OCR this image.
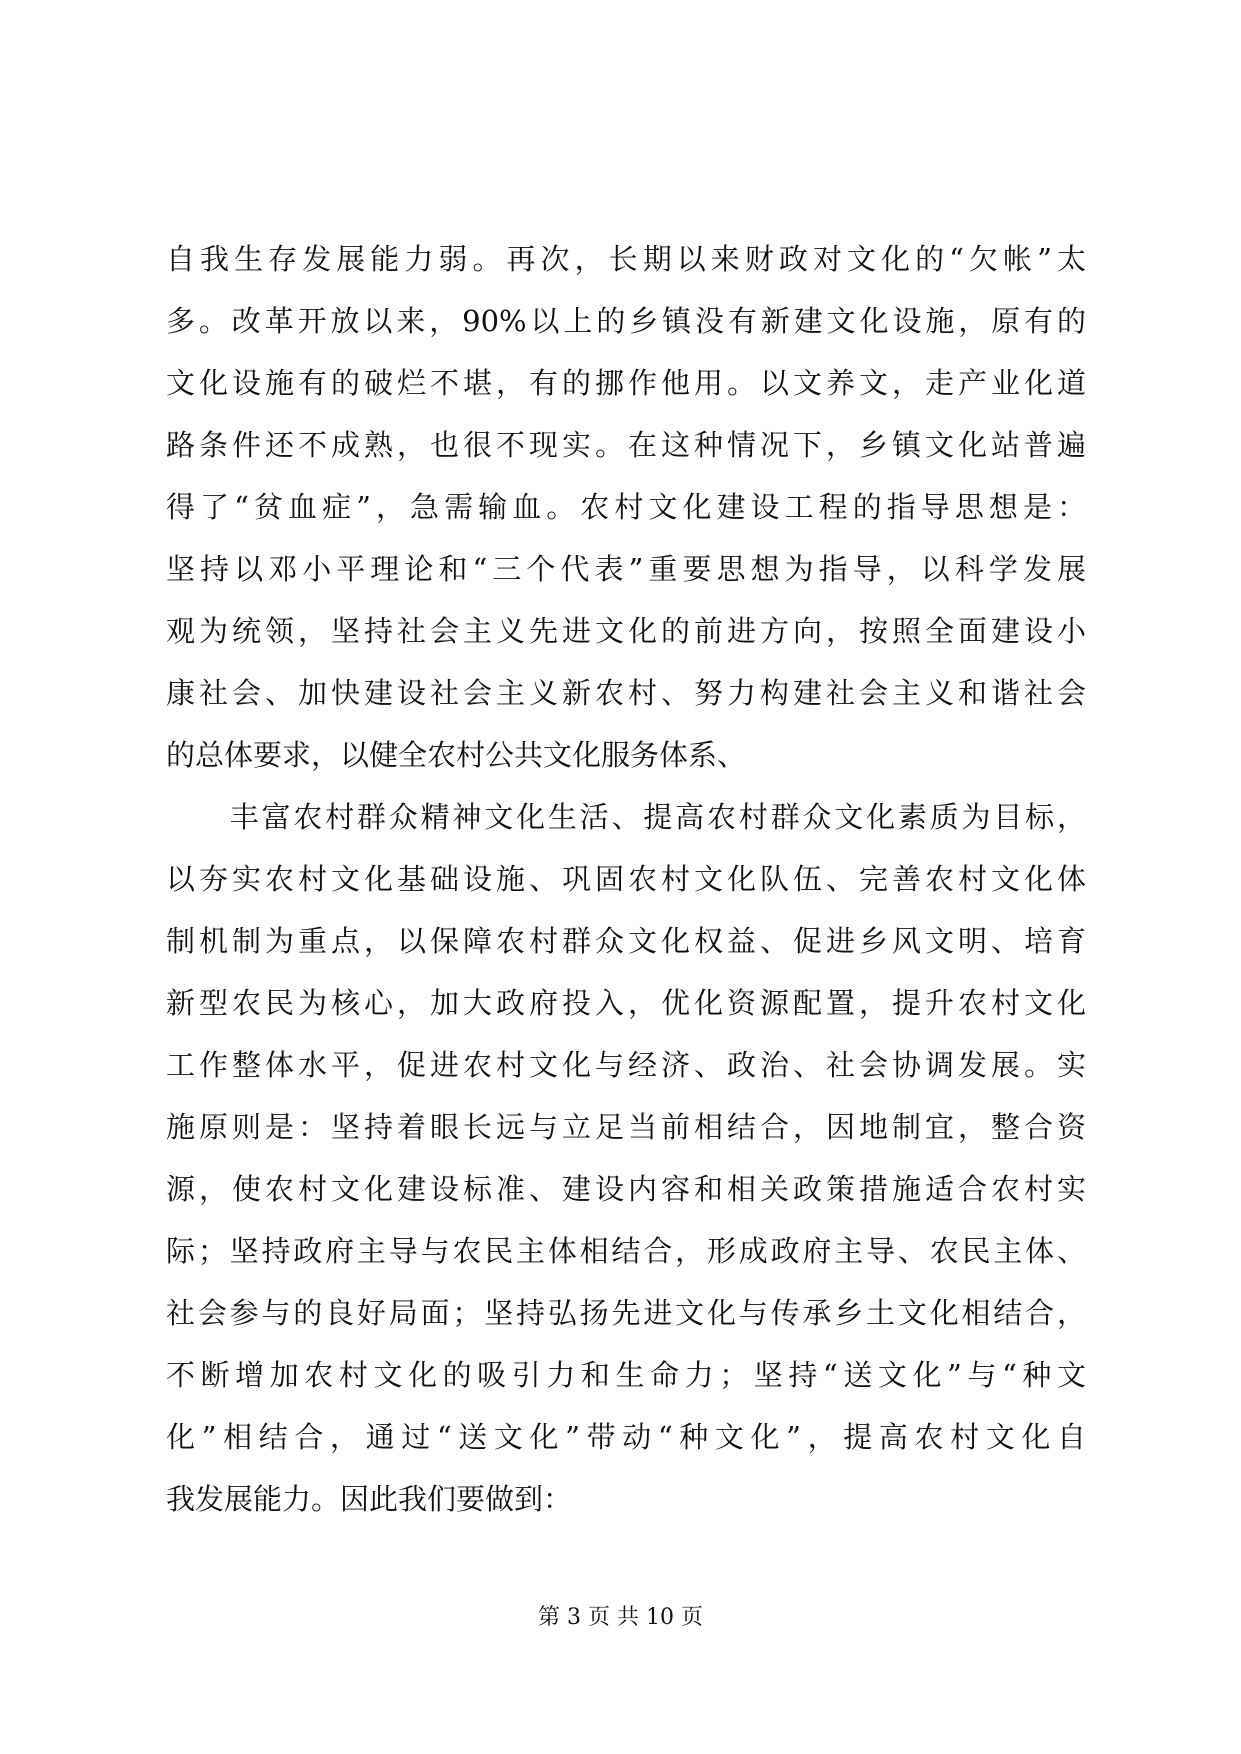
自我生存发展能力弱。再次，长期以来财政对文化的“欠帐”太
多。改革开放以来，90%以上的乡镇没有新建文化设施，原有的
文化设施有的破烂不堪，有的挪作他用。以文养文，走产业化道
路条件还不成熟，也很不现实。在这种情况下，乡镇文化站普遍
得了“贫血症”，急需输血。农村文化建设工程的指导思想是：
坚持以邓小平理论和“三个代表”重要思想为指导，以科学发展
观为统领，坚持社会主义先进文化的前进方向，按照全面建设小
康社会、加快建设社会主义新农村、努力构建社会主义和谐社会
的总体要求，以健全农村公共文化服务体系、
　　丰富农村群众精神文化生活、提高农村群众文化素质为目标，
以夯实农村文化基础设施、巩固农村文化队伍、完善农村文化体
制机制为重点，以保障农村群众文化权益、促进乡风文明、培育
新型农民为核心，加大政府投入，优化资源配置，提升农村文化
工作整体水平，促进农村文化与经济、政治、社会协调发展。实
施原则是：坚持着眼长远与立足当前相结合，因地制宜，整合资
源，使农村文化建设标准、建设内容和相关政策措施适合农村实
际；坚持政府主导与农民主体相结合，形成政府主导、农民主体、
社会参与的良好局面；坚持弘扬先进文化与传承乡土文化相结合，
不断增加农村文化的吸引力和生命力；坚持“送文化”与“种文
化”相结合，通过“送文化”带动“种文化”，提高农村文化自
我发展能力。因此我们要做到：
第 3 页 共 10 页
